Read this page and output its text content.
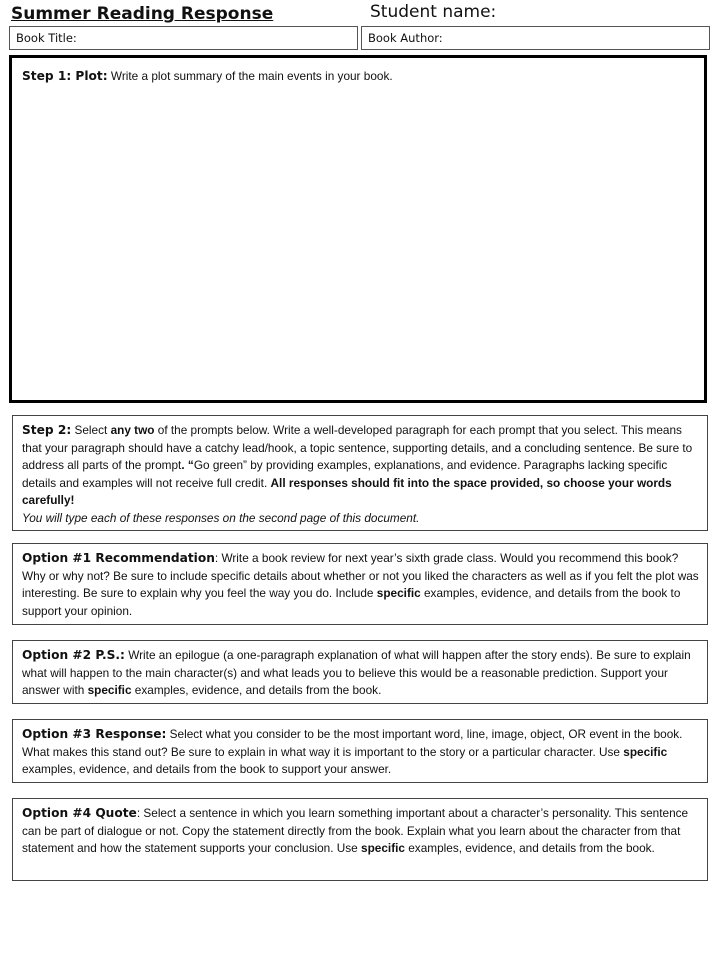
Summer Reading Response	Student name:
Book Title:	Book Author:
Step 1: Plot: Write a plot summary of the main events in your book.
Step 2: Select any two of the prompts below. Write a well-developed paragraph for each prompt that you select. This means that your paragraph should have a catchy lead/hook, a topic sentence, supporting details, and a concluding sentence. Be sure to address all parts of the prompt. “Go green” by providing examples, explanations, and evidence. Paragraphs lacking specific details and examples will not receive full credit. All responses should fit into the space provided, so choose your words carefully!
You will type each of these responses on the second page of this document.
Option #1 Recommendation: Write a book review for next year’s sixth grade class. Would you recommend this book? Why or why not? Be sure to include specific details about whether or not you liked the characters as well as if you felt the plot was interesting. Be sure to explain why you feel the way you do. Include specific examples, evidence, and details from the book to support your opinion.
Option #2 P.S.: Write an epilogue (a one-paragraph explanation of what will happen after the story ends). Be sure to explain what will happen to the main character(s) and what leads you to believe this would be a reasonable prediction. Support your answer with specific examples, evidence, and details from the book.
Option #3 Response: Select what you consider to be the most important word, line, image, object, OR event in the book. What makes this stand out? Be sure to explain in what way it is important to the story or a particular character. Use specific examples, evidence, and details from the book to support your answer.
Option #4 Quote: Select a sentence in which you learn something important about a character’s personality. This sentence can be part of dialogue or not. Copy the statement directly from the book. Explain what you learn about the character from that statement and how the statement supports your conclusion. Use specific examples, evidence, and details from the book.
